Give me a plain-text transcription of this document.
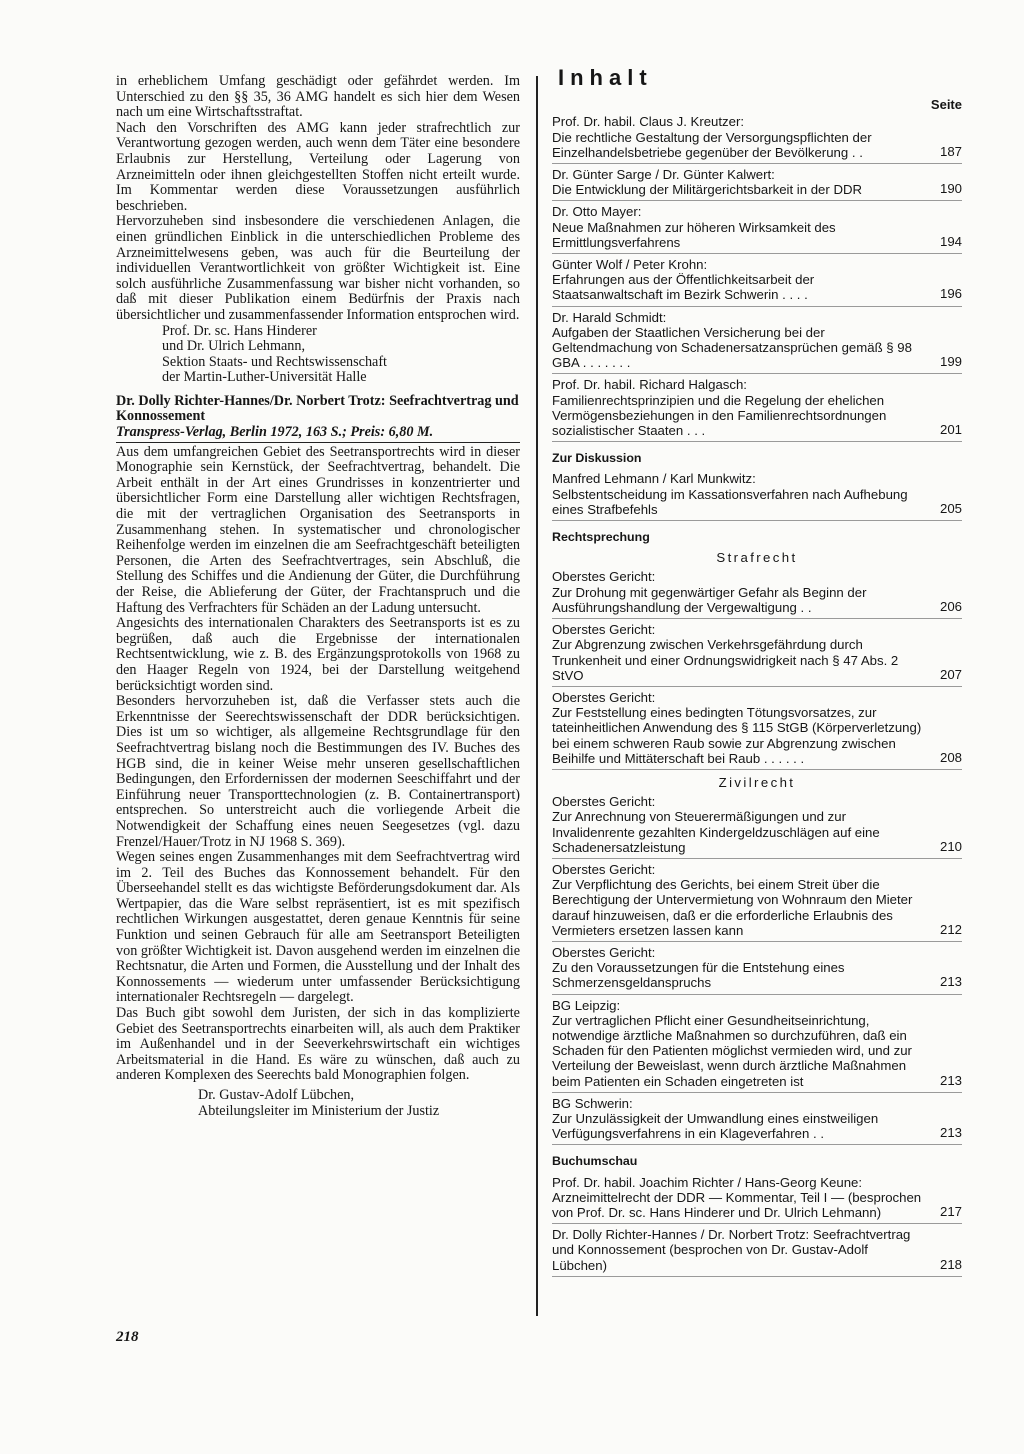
in erheblichem Umfang geschädigt oder gefährdet werden. Im Unterschied zu den §§ 35, 36 AMG handelt es sich hier dem Wesen nach um eine Wirtschaftsstraftat.

Nach den Vorschriften des AMG kann jeder strafrechtlich zur Verantwortung gezogen werden, auch wenn dem Täter eine besondere Erlaubnis zur Herstellung, Verteilung oder Lagerung von Arzneimitteln oder ihnen gleichgestellten Stoffen nicht erteilt wurde. Im Kommentar werden diese Voraussetzungen ausführlich beschrieben.

Hervorzuheben sind insbesondere die verschiedenen Anlagen, die einen gründlichen Einblick in die unterschiedlichen Probleme des Arzneimittelwesens geben, was auch für die Beurteilung der individuellen Verantwortlichkeit von größter Wichtigkeit ist. Eine solch ausführliche Zusammenfassung war bisher nicht vorhanden, so daß mit dieser Publikation einem Bedürfnis der Praxis nach übersichtlicher und zusammenfassender Information entsprochen wird.

Prof. Dr. sc. Hans Hinderer

und Dr. Ulrich Lehmann,

Sektion Staats- und Rechtswissenschaft

der Martin-Luther-Universität Halle

Dr. Dolly Richter-Hannes/Dr. Norbert Trotz: Seefrachtvertrag und Konnossement
Transpress-Verlag, Berlin 1972, 163 S.; Preis: 6,80 M.

Aus dem umfangreichen Gebiet des Seetransportrechts wird in dieser Monographie sein Kernstück, der Seefrachtvertrag, behandelt. Die Arbeit enthält in der Art eines Grundrisses in konzentrierter und übersichtlicher Form eine Darstellung aller wichtigen Rechtsfragen, die mit der vertraglichen Organisation des Seetransports in Zusammenhang stehen. In systematischer und chronologischer Reihenfolge werden im einzelnen die am Seefrachtgeschäft beteiligten Personen, die Arten des Seefrachtvertrages, sein Abschluß, die Stellung des Schiffes und die Andienung der Güter, die Durchführung der Reise, die Ablieferung der Güter, der Frachtanspruch und die Haftung des Verfrachters für Schäden an der Ladung untersucht.

Angesichts des internationalen Charakters des Seetransports ist es zu begrüßen, daß auch die Ergebnisse der internationalen Rechtsentwicklung, wie z. B. des Ergänzungsprotokolls von 1968 zu den Haager Regeln von 1924, bei der Darstellung weitgehend berücksichtigt worden sind.

Besonders hervorzuheben ist, daß die Verfasser stets auch die Erkenntnisse der Seerechtswissenschaft der DDR berücksichtigen. Dies ist um so wichtiger, als allgemeine Rechtsgrundlage für den Seefrachtvertrag bislang noch die Bestimmungen des IV. Buches des HGB sind, die in keiner Weise mehr unseren gesellschaftlichen Bedingungen, den Erfordernissen der modernen Seeschiffahrt und der Einführung neuer Transporttechnologien (z. B. Containertransport) entsprechen. So unterstreicht auch die vorliegende Arbeit die Notwendigkeit der Schaffung eines neuen Seegesetzes (vgl. dazu Frenzel/Hauer/Trotz in NJ 1968 S. 369).

Wegen seines engen Zusammenhanges mit dem Seefrachtvertrag wird im 2. Teil des Buches das Konnossement behandelt. Für den Überseehandel stellt es das wichtigste Beförderungsdokument dar. Als Wertpapier, das die Ware selbst repräsentiert, ist es mit spezifisch rechtlichen Wirkungen ausgestattet, deren genaue Kenntnis für seine Funktion und seinen Gebrauch für alle am Seetransport Beteiligten von größter Wichtigkeit ist. Davon ausgehend werden im einzelnen die Rechtsnatur, die Arten und Formen, die Ausstellung und der Inhalt des Konnossements — wiederum unter umfassender Berücksichtigung internationaler Rechtsregeln — dargelegt.

Das Buch gibt sowohl dem Juristen, der sich in das komplizierte Gebiet des Seetransportrechts einarbeiten will, als auch dem Praktiker im Außenhandel und in der Seeverkehrswirtschaft ein wichtiges Arbeitsmaterial in die Hand. Es wäre zu wünschen, daß auch zu anderen Komplexen des Seerechts bald Monographien folgen.

Dr. Gustav-Adolf Lübchen,

Abteilungsleiter im Ministerium der Justiz

Inhalt
Seite
Prof. Dr. habil. Claus J. Kreutzer:
Die rechtliche Gestaltung der Versorgungspflichten der Einzelhandelsbetriebe gegenüber der Bevölkerung . .	187
Dr. Günter Sarge / Dr. Günter Kalwert:
Die Entwicklung der Militärgerichtsbarkeit in der DDR	190
Dr. Otto Mayer:
Neue Maßnahmen zur höheren Wirksamkeit des Ermittlungsverfahrens	194
Günter Wolf / Peter Krohn:
Erfahrungen aus der Öffentlichkeitsarbeit der Staatsanwaltschaft im Bezirk Schwerin . . . .	196
Dr. Harald Schmidt:
Aufgaben der Staatlichen Versicherung bei der Geltendmachung von Schadenersatzansprüchen gemäß § 98 GBA . . . . . . .	199
Prof. Dr. habil. Richard Halgasch:
Familienrechtsprinzipien und die Regelung der ehelichen Vermögensbeziehungen in den Familienrechtsordnungen sozialistischer Staaten . . .	201
Zur Diskussion
Manfred Lehmann / Karl Munkwitz:
Selbstentscheidung im Kassationsverfahren nach Aufhebung eines Strafbefehls	205
Rechtsprechung
Strafrecht
Oberstes Gericht:
Zur Drohung mit gegenwärtiger Gefahr als Beginn der Ausführungshandlung der Vergewaltigung . .	206
Oberstes Gericht:
Zur Abgrenzung zwischen Verkehrsgefährdung durch Trunkenheit und einer Ordnungswidrigkeit nach § 47 Abs. 2 StVO	207
Oberstes Gericht:
Zur Feststellung eines bedingten Tötungsvorsatzes, zur tateinheitlichen Anwendung des § 115 StGB (Körperverletzung) bei einem schweren Raub sowie zur Abgrenzung zwischen Beihilfe und Mittäterschaft bei Raub . . . . . .	208
Zivilrecht
Oberstes Gericht:
Zur Anrechnung von Steuerermäßigungen und zur Invalidenrente gezahlten Kindergeldzuschlägen auf eine Schadenersatzleistung	210
Oberstes Gericht:
Zur Verpflichtung des Gerichts, bei einem Streit über die Berechtigung der Untervermietung von Wohnraum den Mieter darauf hinzuweisen, daß er die erforderliche Erlaubnis des Vermieters ersetzen lassen kann	212
Oberstes Gericht:
Zu den Voraussetzungen für die Entstehung eines Schmerzensgeldanspruchs	213
BG Leipzig:
Zur vertraglichen Pflicht einer Gesundheitseinrichtung, notwendige ärztliche Maßnahmen so durchzuführen, daß ein Schaden für den Patienten möglichst vermieden wird, und zur Verteilung der Beweislast, wenn durch ärztliche Maßnahmen beim Patienten ein Schaden eingetreten ist	213
BG Schwerin:
Zur Unzulässigkeit der Umwandlung eines einstweiligen Verfügungsverfahrens in ein Klageverfahren . .	213
Buchumschau
Prof. Dr. habil. Joachim Richter / Hans-Georg Keune: Arzneimittelrecht der DDR — Kommentar, Teil I — (besprochen von Prof. Dr. sc. Hans Hinderer und Dr. Ulrich Lehmann)	217
Dr. Dolly Richter-Hannes / Dr. Norbert Trotz: Seefrachtvertrag und Konnossement (besprochen von Dr. Gustav-Adolf Lübchen)	218
218
